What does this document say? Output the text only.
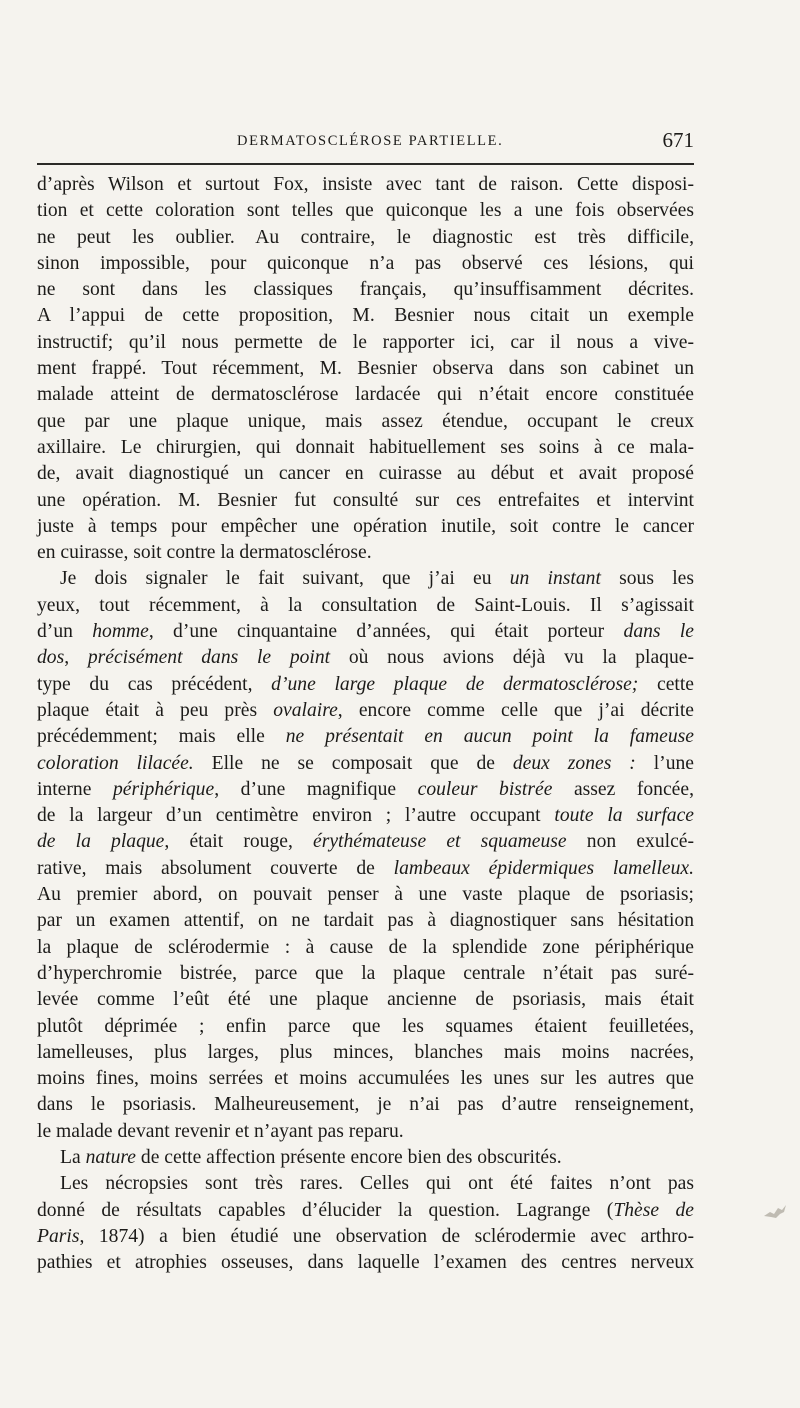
DERMATOSCLÉROSE PARTIELLE.	671
d’après Wilson et surtout Fox, insiste avec tant de raison. Cette disposi-
tion et cette coloration sont telles que quiconque les a une fois observées
ne peut les oublier. Au contraire, le diagnostic est très difficile,
sinon impossible, pour quiconque n’a pas observé ces lésions, qui
ne sont dans les classiques français, qu’insuffisamment décrites.
A l’appui de cette proposition, M. Besnier nous citait un exemple
instructif; qu’il nous permette de le rapporter ici, car il nous a vive-
ment frappé. Tout récemment, M. Besnier observa dans son cabinet un
malade atteint de dermatosclérose lardacée qui n’était encore constituée
que par une plaque unique, mais assez étendue, occupant le creux
axillaire. Le chirurgien, qui donnait habituellement ses soins à ce mala-
de, avait diagnostiqué un cancer en cuirasse au début et avait proposé
une opération. M. Besnier fut consulté sur ces entrefaites et intervint
juste à temps pour empêcher une opération inutile, soit contre le cancer
en cuirasse, soit contre la dermatosclérose.
Je dois signaler le fait suivant, que j’ai eu un instant sous les
yeux, tout récemment, à la consultation de Saint-Louis. Il s’agissait
d’un homme, d’une cinquantaine d’années, qui était porteur dans le
dos, précisément dans le point où nous avions déjà vu la plaque-
type du cas précédent, d’une large plaque de dermatosclérose; cette
plaque était à peu près ovalaire, encore comme celle que j’ai décrite
précédemment; mais elle ne présentait en aucun point la fameuse
coloration lilacée. Elle ne se composait que de deux zones : l’une
interne périphérique, d’une magnifique couleur bistrée assez foncée,
de la largeur d’un centimètre environ ; l’autre occupant toute la surface
de la plaque, était rouge, érythémateuse et squameuse non exulcé-
rative, mais absolument couverte de lambeaux épidermiques lamelleux.
Au premier abord, on pouvait penser à une vaste plaque de psoriasis;
par un examen attentif, on ne tardait pas à diagnostiquer sans hésitation
la plaque de sclérodermie : à cause de la splendide zone périphérique
d’hyperchromie bistrée, parce que la plaque centrale n’était pas suré-
levée comme l’eût été une plaque ancienne de psoriasis, mais était
plutôt déprimée ; enfin parce que les squames étaient feuilletées,
lamelleuses, plus larges, plus minces, blanches mais moins nacrées,
moins fines, moins serrées et moins accumulées les unes sur les autres que
dans le psoriasis. Malheureusement, je n’ai pas d’autre renseignement,
le malade devant revenir et n’ayant pas reparu.
La nature de cette affection présente encore bien des obscurités.
Les nécropsies sont très rares. Celles qui ont été faites n’ont pas
donné de résultats capables d’élucider la question. Lagrange (Thèse de
Paris, 1874) a bien étudié une observation de sclérodermie avec arthro-
pathies et atrophies osseuses, dans laquelle l’examen des centres nerveux
